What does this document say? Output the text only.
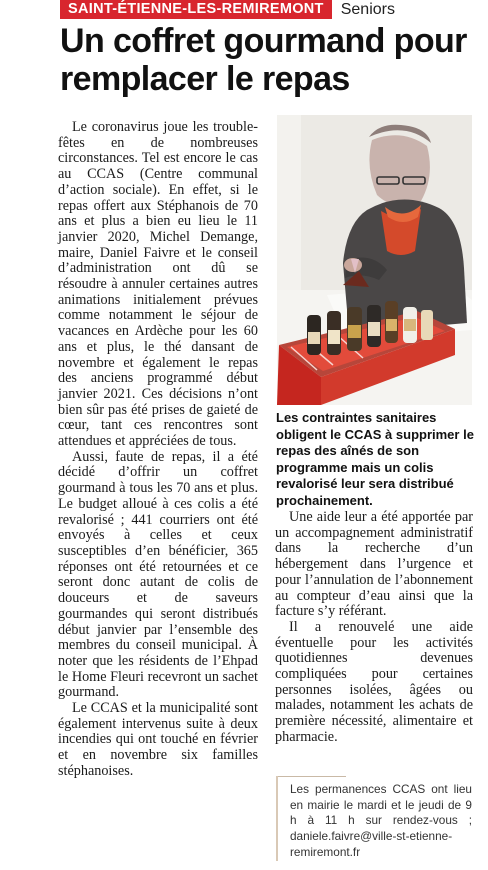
SAINT-ÉTIENNE-LES-REMIREMONT	Seniors
Un coffret gourmand pour remplacer le repas

Le coronavirus joue les trouble-fêtes en de nombreuses circonstances. Tel est encore le cas au CCAS (Centre communal d’action sociale). En effet, si le repas offert aux Stéphanois de 70 ans et plus a bien eu lieu le 11 janvier 2020, Michel Demange, maire, Daniel Faivre et le conseil d’administration ont dû se résoudre à annuler certaines autres animations initialement prévues comme notamment le séjour de vacances en Ardèche pour les 60 ans et plus, le thé dansant de novembre et également le repas des anciens programmé début janvier 2021. Ces décisions n’ont bien sûr pas été prises de gaieté de cœur, tant ces rencontres sont attendues et appréciées de tous.

Aussi, faute de repas, il a été décidé d’offrir un coffret gourmand à tous les 70 ans et plus. Le budget alloué à ces colis a été revalorisé ; 441 courriers ont été envoyés à celles et ceux susceptibles d’en bénéficier, 365 réponses ont été retournées et ce seront donc autant de colis de douceurs et de saveurs gourmandes qui seront distribués début janvier par l’ensemble des membres du conseil municipal. À noter que les résidents de l’Ehpad le Home Fleuri recevront un sachet gourmand.

Le CCAS et la municipalité sont également intervenus suite à deux incendies qui ont touché en février et en novembre six familles stéphanoises.

Les contraintes sanitaires obligent le CCAS à supprimer le repas des aînés de son programme mais un colis revalorisé leur sera distribué prochainement.

Une aide leur a été apportée par un accompagnement administratif dans la recherche d’un hébergement dans l’urgence et pour l’annulation de l’abonnement au compteur d’eau ainsi que la facture s’y référant.

Il a renouvelé une aide éventuelle pour les activités quotidiennes devenues compliquées pour certaines personnes isolées, âgées ou malades, notamment les achats de première nécessité, alimentaire et pharmacie.

Les permanences CCAS ont lieu en mairie le mardi et le jeudi de 9 h à 11 h sur rendez-vous ; daniele.faivre@ville-st-etienne-remiremont.fr
